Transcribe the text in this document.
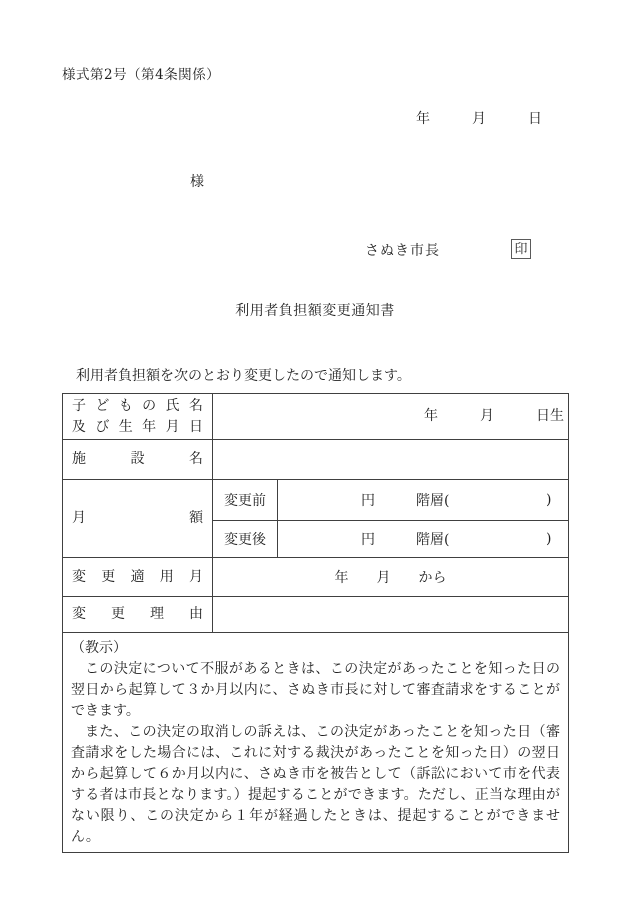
様式第2号（第4条関係）
年　　　月　　　日
様
さぬき市長	印
利用者負担額変更通知書
利用者負担額を次のとおり変更したので通知します。
子 ど も の 氏 名
及 び 生 年 月 日
	年　　　月　　　日生

施 設 名		

月 額	変更前	円 階層( )

	変更後	円 階層( )

変 更 適 用 月	年　　月　　から	

変 更 理 由		

（教示）

この決定について不服があるときは、この決定があったことを知った日の翌日から起算して３か月以内に、さぬき市長に対して審査請求をすることができます。

また、この決定の取消しの訴えは、この決定があったことを知った日（審査請求をした場合には、これに対する裁決があったことを知った日）の翌日から起算して６か月以内に、さぬき市を被告として（訴訟において市を代表する者は市長となります。）提起することができます。ただし、正当な理由がない限り、この決定から１年が経過したときは、提起することができません。		
